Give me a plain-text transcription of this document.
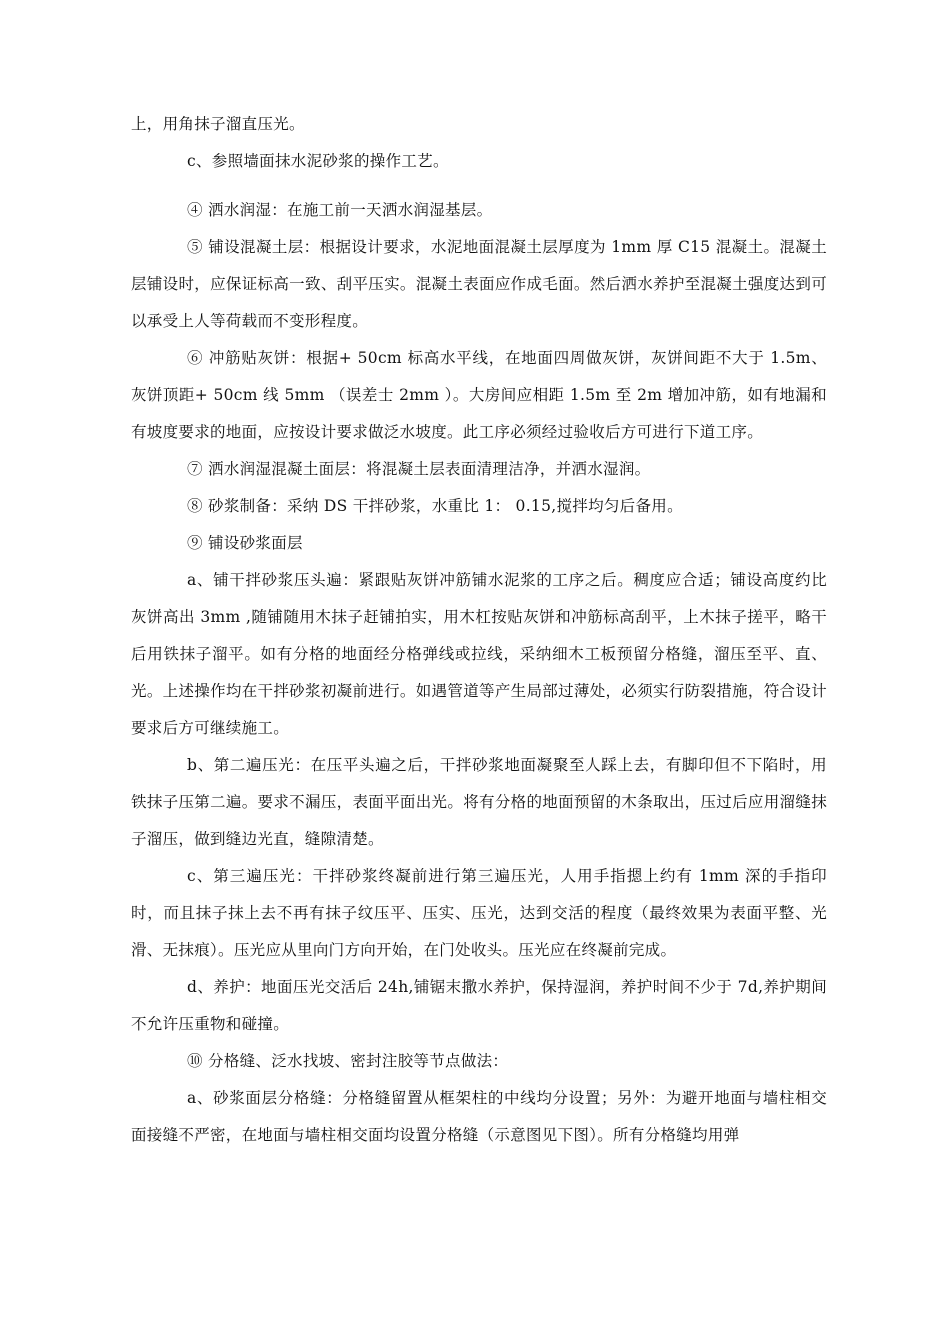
上，用角抹子溜直压光。

c、参照墙面抹水泥砂浆的操作工艺。

④ 洒水润湿：在施工前一天洒水润湿基层。

⑤ 铺设混凝土层：根据设计要求，水泥地面混凝土层厚度为 1mm 厚 C15 混凝土。混凝土层铺设时，应保证标高一致、刮平压实。混凝土表面应作成毛面。然后洒水养护至混凝土强度达到可以承受上人等荷载而不变形程度。

⑥ 冲筋贴灰饼：根据+ 50cm 标高水平线，在地面四周做灰饼，灰饼间距不大于 1.5m、灰饼顶距+ 50cm 线 5mm （误差士 2mm ）。大房间应相距 1.5m 至 2m 增加冲筋，如有地漏和有坡度要求的地面，应按设计要求做泛水坡度。此工序必须经过验收后方可进行下道工序。

⑦ 洒水润湿混凝土面层：将混凝土层表面清理洁净，并洒水湿润。

⑧ 砂浆制备：采纳 DS 干拌砂浆，水重比 1： 0.15,搅拌均匀后备用。

⑨ 铺设砂浆面层

a、铺干拌砂浆压头遍：紧跟贴灰饼冲筋铺水泥浆的工序之后。稠度应合适；铺设高度约比灰饼高出 3mm ,随铺随用木抹子赶铺拍实，用木杠按贴灰饼和冲筋标高刮平，上木抹子搓平，略干后用铁抹子溜平。如有分格的地面经分格弹线或拉线，采纳细木工板预留分格缝，溜压至平、直、光。上述操作均在干拌砂浆初凝前进行。如遇管道等产生局部过薄处，必须实行防裂措施，符合设计要求后方可继续施工。

b、第二遍压光：在压平头遍之后，干拌砂浆地面凝聚至人踩上去，有脚印但不下陷时，用铁抹子压第二遍。要求不漏压，表面平面出光。将有分格的地面预留的木条取出，压过后应用溜缝抹子溜压，做到缝边光直，缝隙清楚。

c、第三遍压光：干拌砂浆终凝前进行第三遍压光，人用手指摁上约有 1mm 深的手指印时，而且抹子抹上去不再有抹子纹压平、压实、压光，达到交活的程度（最终效果为表面平整、光滑、无抹痕）。压光应从里向门方向开始，在门处收头。压光应在终凝前完成。

d、养护：地面压光交活后 24h,铺锯末撒水养护，保持湿润，养护时间不少于 7d,养护期间不允许压重物和碰撞。

⑩ 分格缝、泛水找坡、密封注胶等节点做法：

a、砂浆面层分格缝：分格缝留置从框架柱的中线均分设置；另外：为避开地面与墙柱相交面接缝不严密，在地面与墙柱相交面均设置分格缝（示意图见下图）。所有分格缝均用弹
